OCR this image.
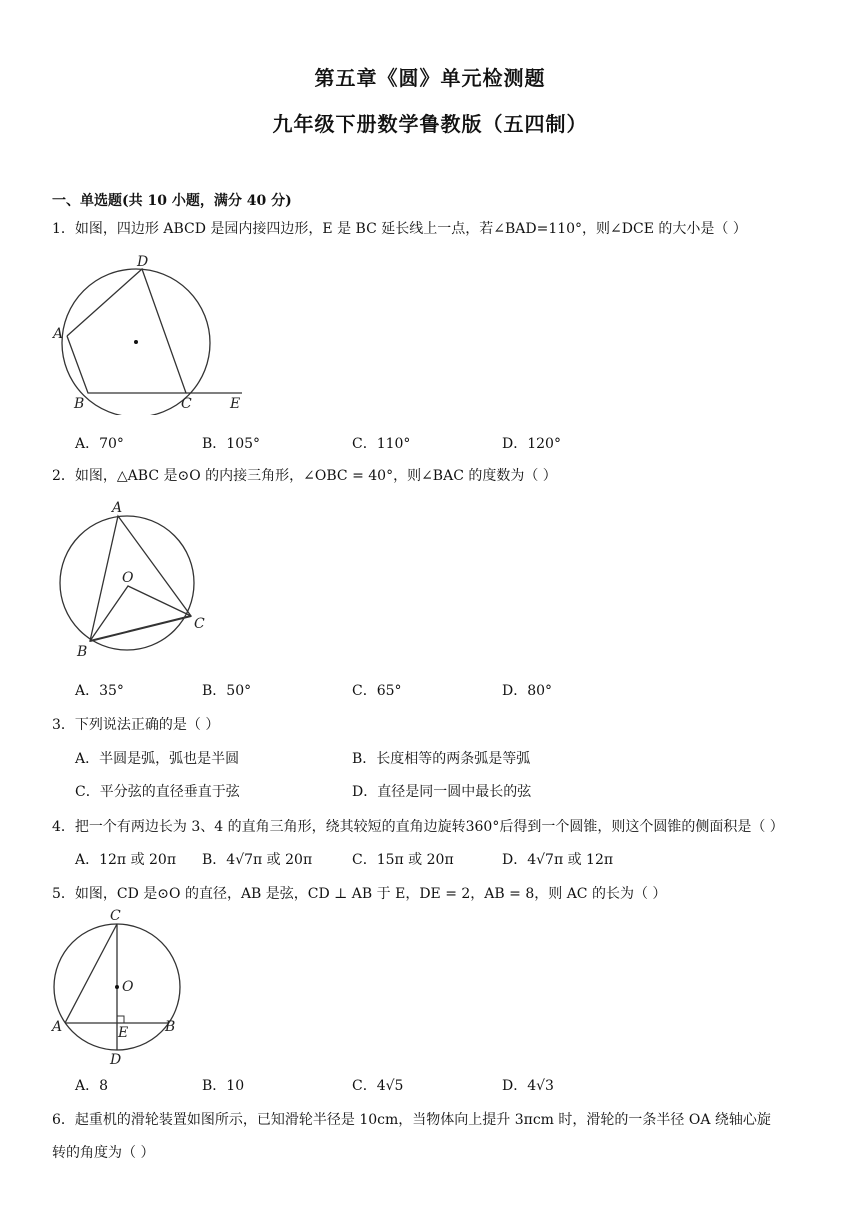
第五章《圆》单元检测题
九年级下册数学鲁教版（五四制）
一、单选题(共 10 小题，满分 40 分)
1．如图，四边形 ABCD 是园内接四边形，E 是 BC 延长线上一点，若∠BAD=110°，则∠DCE 的大小是（ ）
D
A
B	C	E
A．70°	B．105°	C．110°	D．120°
2．如图，△ABC 是⊙O 的内接三角形，∠OBC = 40°，则∠BAC 的度数为（ ）
A
O
C
B
A．35°	B．50°	C．65°	D．80°
3．下列说法正确的是（ ）
A．半圆是弧，弧也是半圆	B．长度相等的两条弧是等弧
C．平分弦的直径垂直于弦	D．直径是同一圆中最长的弦
4．把一个有两边长为 3、4 的直角三角形，绕其较短的直角边旋转360°后得到一个圆锥，则这个圆锥的侧面积是（ ）
A．12π 或 20π B．4√7π 或 20π	C．15π 或 20π	D．4√7π 或 12π
5．如图，CD 是⊙O 的直径，AB 是弦，CD ⊥ AB 于 E，DE = 2，AB = 8，则 AC 的长为（ ）
C
O
A	E	B
D
A．8	B．10	C．4√5	D．4√3
6．起重机的滑轮装置如图所示，已知滑轮半径是 10cm，当物体向上提升 3πcm 时，滑轮的一条半径 OA 绕轴心旋
转的角度为（ ）
